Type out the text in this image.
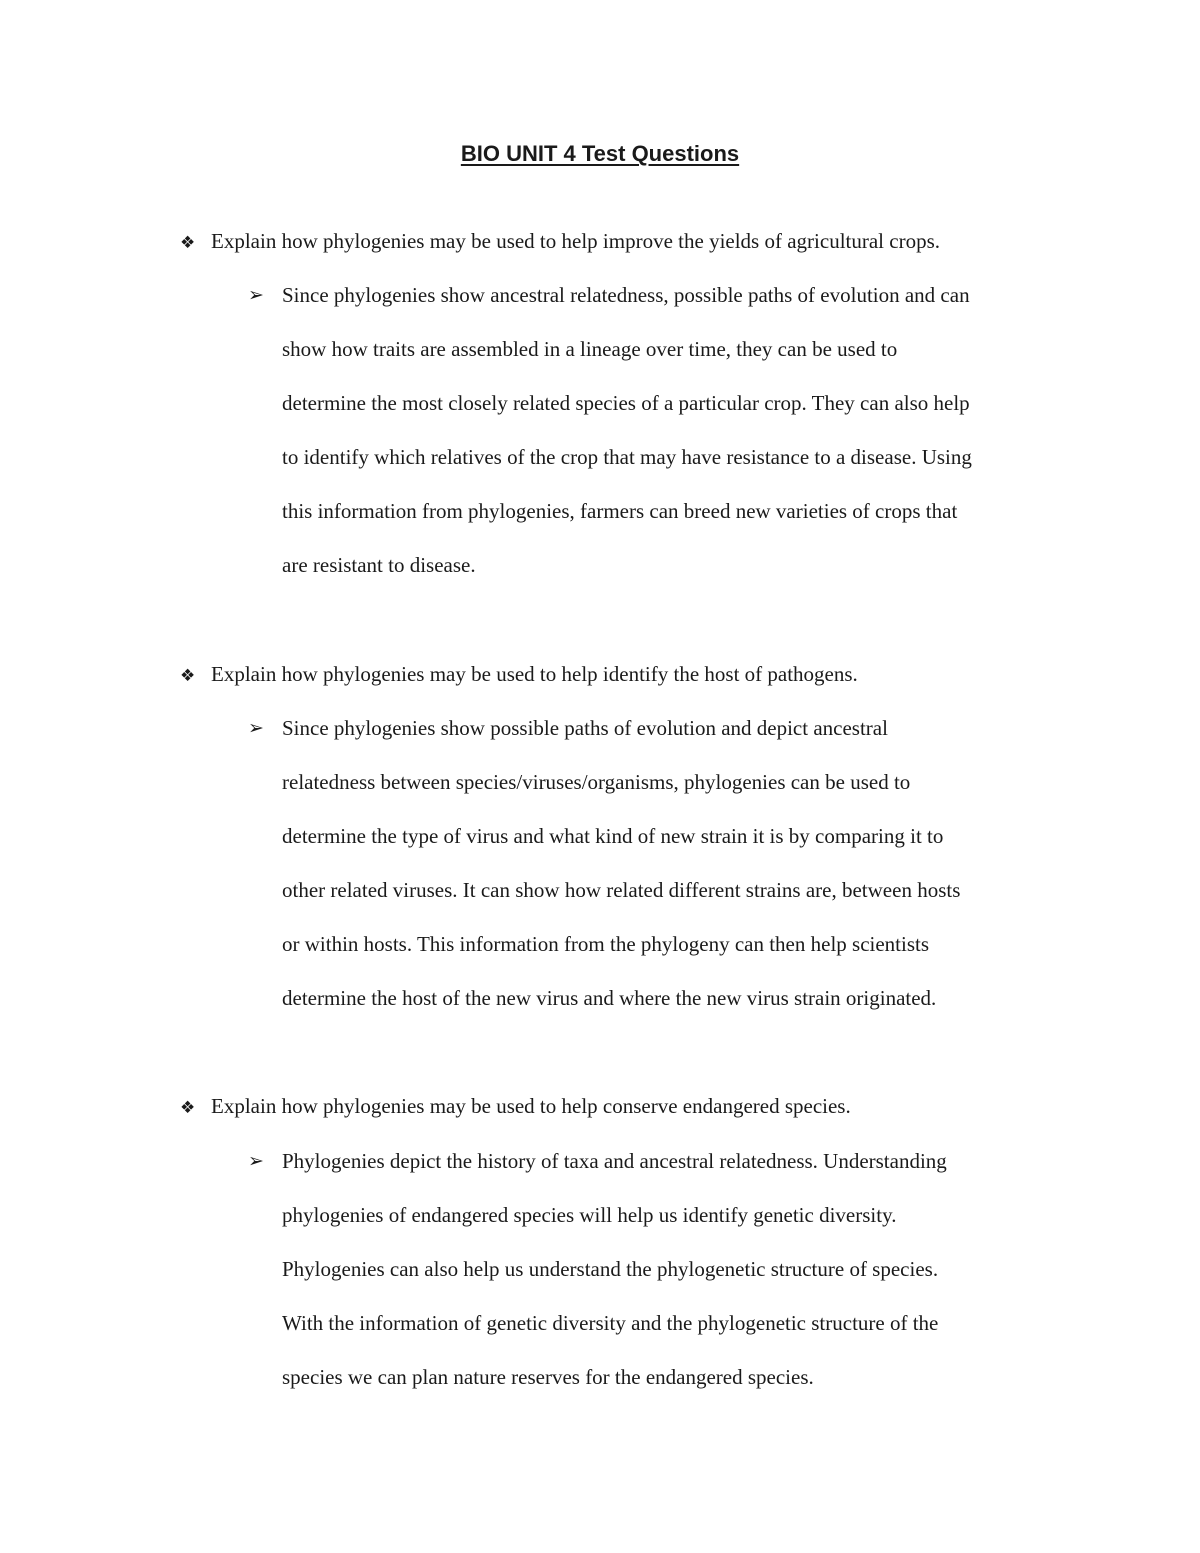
BIO UNIT 4 Test Questions

❖ Explain how phylogenies may be used to help improve the yields of agricultural crops.

➢ Since phylogenies show ancestral relatedness, possible paths of evolution and can
show how traits are assembled in a lineage over time, they can be used to
determine the most closely related species of a particular crop. They can also help
to identify which relatives of the crop that may have resistance to a disease. Using
this information from phylogenies, farmers can breed new varieties of crops that
are resistant to disease.

❖ Explain how phylogenies may be used to help identify the host of pathogens.

➢ Since phylogenies show possible paths of evolution and depict ancestral
relatedness between species/viruses/organisms, phylogenies can be used to
determine the type of virus and what kind of new strain it is by comparing it to
other related viruses. It can show how related different strains are, between hosts
or within hosts. This information from the phylogeny can then help scientists
determine the host of the new virus and where the new virus strain originated.

❖ Explain how phylogenies may be used to help conserve endangered species.

➢ Phylogenies depict the history of taxa and ancestral relatedness. Understanding
phylogenies of endangered species will help us identify genetic diversity.
Phylogenies can also help us understand the phylogenetic structure of species.
With the information of genetic diversity and the phylogenetic structure of the
species we can plan nature reserves for the endangered species.
